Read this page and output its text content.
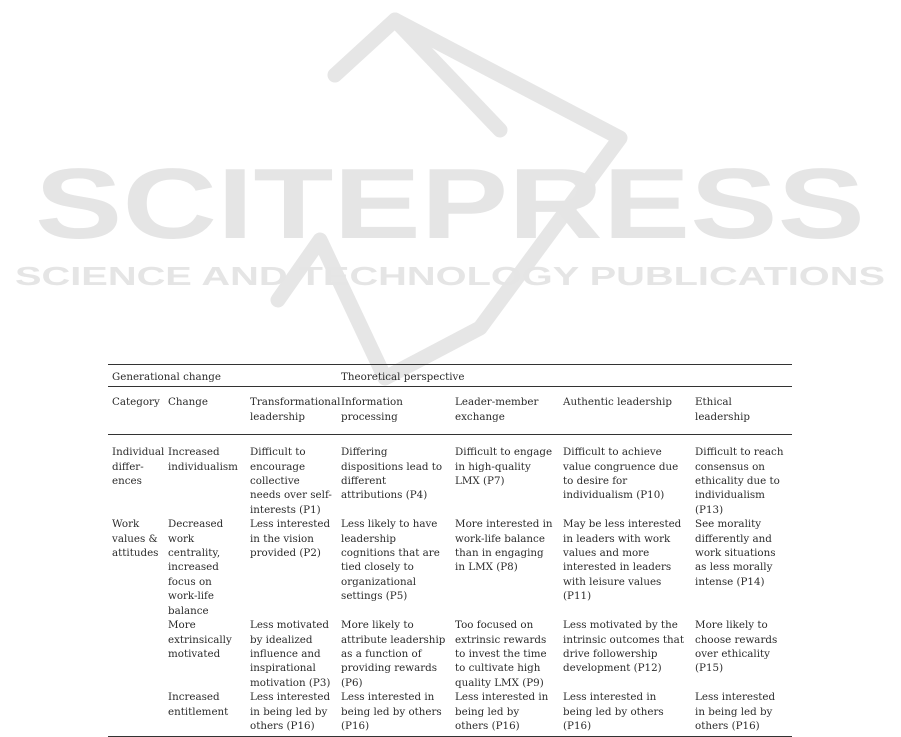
SCITEPRESS
SCIENCE AND TECHNOLOGY PUBLICATIONS
Generational change			Theoretical perspective			
Category	Change	Transformational leadership	Information processing	Leader-member exchange	Authentic leadership	Ethical leadership
Individual differ-ences	Increased individualism	Difficult to encourage collective needs over self-interests (P1)	Differing dispositions lead to different attributions (P4)	Difficult to engage in high-quality LMX (P7)	Difficult to achieve value congruence due to desire for individualism (P10)	Difficult to reach consensus on ethicality due to individualism (P13)
Work values & attitudes	Decreased work centrality, increased focus on work-life balance	Less interested in the vision provided (P2)	Less likely to have leadership cognitions that are tied closely to organizational settings (P5)	More interested in work-life balance than in engaging in LMX (P8)	May be less interested in leaders with work values and more interested in leaders with leisure values (P11)	See morality differently and work situations as less morally intense (P14)
	More extrinsically motivated	Less motivated by idealized influence and inspirational motivation (P3)	More likely to attribute leadership as a function of providing rewards (P6)	Too focused on extrinsic rewards to invest the time to cultivate high quality LMX (P9)	Less motivated by the intrinsic outcomes that drive followership development (P12)	More likely to choose rewards over ethicality (P15)
	Increased entitlement	Less interested in being led by others (P16)	Less interested in being led by others (P16)	Less interested in being led by others (P16)	Less interested in being led by others (P16)	Less interested in being led by others (P16)
